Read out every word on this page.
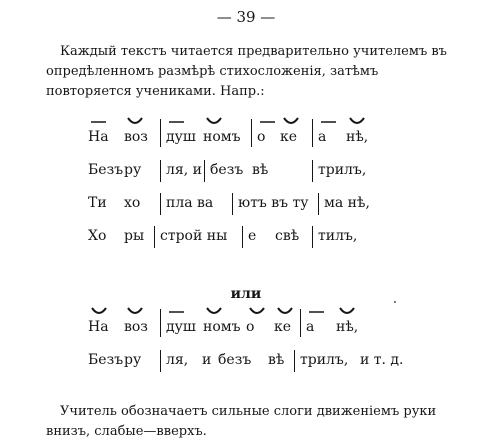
— 39 —
Каждый текстъ читается предварительно учителемъ въ опредѣленномъ размѣрѣ стихосложенія, затѣмъ повторяется учениками. Напр.:
На воз душ номъ о ке а нѣ,
Безъ ру ля, и безъ вѣ	трилъ,
Ти хо пла ва ютъ въ ту ма нѣ,
Хо ры строй ны е свѣ тилъ,
или
На воз душ номъ о ке а нѣ,
Безъ ру ля, и безъ вѣ трилъ, и т. д.
Учитель обозначаетъ сильные слоги движеніемъ руки внизъ, слабые—вверхъ.
